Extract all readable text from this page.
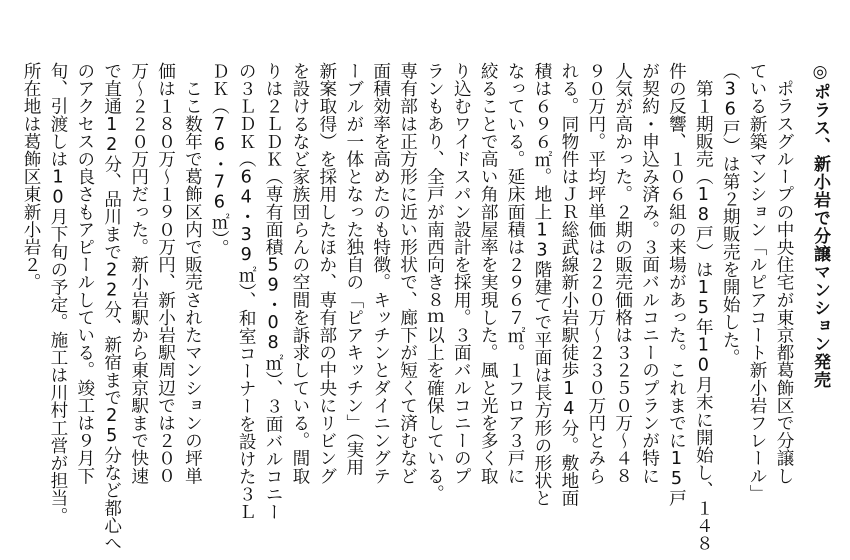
◎ポラス、新小岩で分譲マンション発売
　ポラスグループの中央住宅が東京都葛飾区で分譲し
ている新築マンション「ルピアコート新小岩フレール」
（36戸）は第２期販売を開始した。
　第１期販売（18戸）は15年10月末に開始し、１４８
件の反響、１０６組の来場があった。これまでに15戸
が契約・申込み済み。３面バルコニーのプランが特に
人気が高かった。２期の販売価格は３２５０万～４８
９０万円。平均坪単価は２２０万～２３０万円とみら
れる。同物件はＪＲ総武線新小岩駅徒歩14分。敷地面
積は６９６㎡。地上13階建てで平面は長方形の形状と
なっている。延床面積は２９６７㎡。１フロア３戸に
絞ることで高い角部屋率を実現した。風と光を多く取
り込むワイドスパン設計を採用。３面バルコニーのプ
ランもあり、全戸が南西向き８ｍ以上を確保している。
専有部は正方形に近い形状で、廊下が短くて済むなど
面積効率を高めたのも特徴。キッチンとダイニングテ
ーブルが一体となった独自の「ピアキッチン」（実用
新案取得）を採用したほか、専有部の中央にリビング
を設けるなど家族団らんの空間を訴求している。間取
りは２ＬＤＫ（専有面積59・08㎡）、３面バルコニー
の３ＬＤＫ（64・39㎡）、和室コーナーを設けた３Ｌ
ＤＫ（76・76㎡）。
　ここ数年で葛飾区内で販売されたマンションの坪単
価は１８０万～１９０万円、新小岩駅周辺では２００
万～２２０万円だった。新小岩駅から東京駅まで快速
で直通12分、品川まで22分、新宿まで25分など都心へ
のアクセスの良さもアピールしている。竣工は９月下
旬、引渡しは10月下旬の予定。施工は川村工営が担当。
所在地は葛飾区東新小岩２。
